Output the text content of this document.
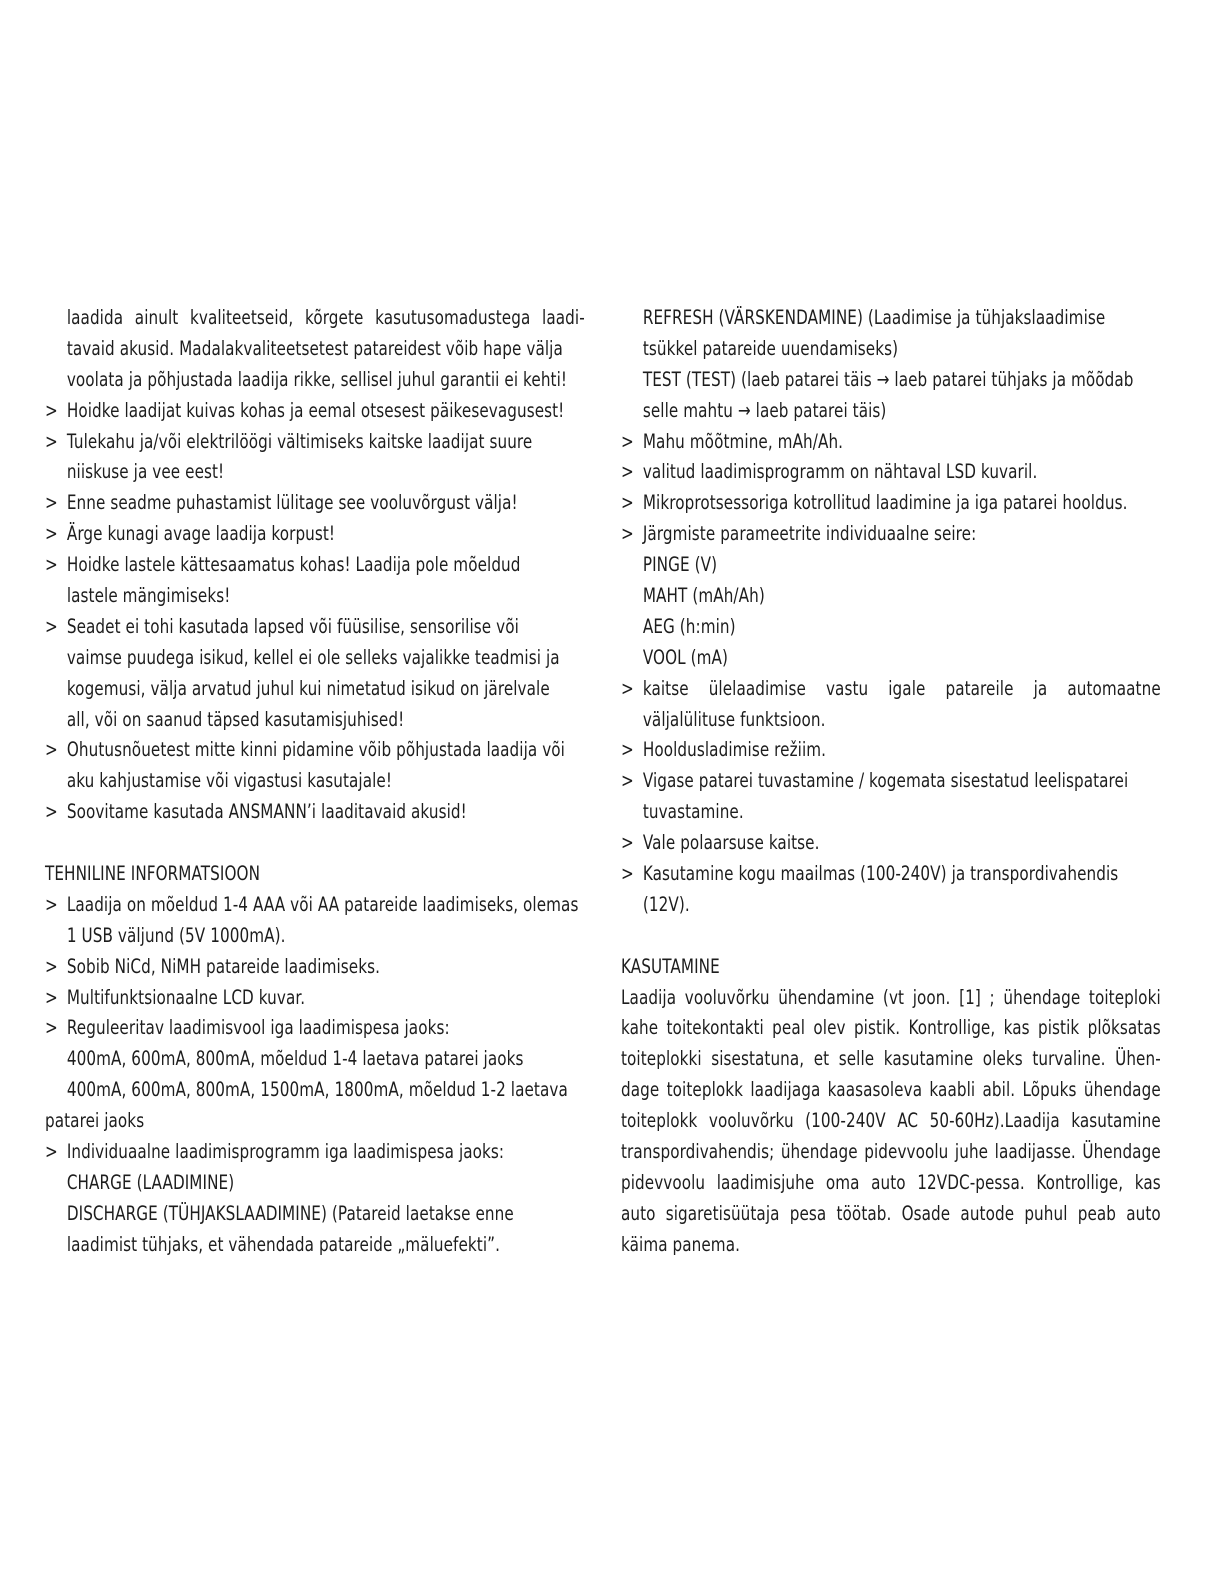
laadida ainult kvaliteetseid, kõrgete kasutusomadustega laadi-
tavaid akusid. Madalakvaliteetsetest patareidest võib hape välja
voolata ja põhjustada laadija rikke, sellisel juhul garantii ei kehti!
> Hoidke laadijat kuivas kohas ja eemal otsesest päikesevagusest!
> Tulekahu ja/või elektrilöögi vältimiseks kaitske laadijat suure
niiskuse ja vee eest!
> Enne seadme puhastamist lülitage see vooluvõrgust välja!
> Ärge kunagi avage laadija korpust!
> Hoidke lastele kättesaamatus kohas! Laadija pole mõeldud
lastele mängimiseks!
> Seadet ei tohi kasutada lapsed või füüsilise, sensorilise või
vaimse puudega isikud, kellel ei ole selleks vajalikke teadmisi ja
kogemusi, välja arvatud juhul kui nimetatud isikud on järelvale
all, või on saanud täpsed kasutamisjuhised!
> Ohutusnõuetest mitte kinni pidamine võib põhjustada laadija või
aku kahjustamise või vigastusi kasutajale!
> Soovitame kasutada ANSMANN’i laaditavaid akusid!
TEHNILINE INFORMATSIOON
> Laadija on mõeldud 1-4 AAA või AA patareide laadimiseks, olemas
1 USB väljund (5V 1000mA).
> Sobib NiCd, NiMH patareide laadimiseks.
> Multifunktsionaalne LCD kuvar.
> Reguleeritav laadimisvool iga laadimispesa jaoks:
400mA, 600mA, 800mA, mõeldud 1-4 laetava patarei jaoks
400mA, 600mA, 800mA, 1500mA, 1800mA, mõeldud 1-2 laetava
patarei jaoks
> Individuaalne laadimisprogramm iga laadimispesa jaoks:
CHARGE (LAADIMINE)
DISCHARGE (TÜHJAKSLAADIMINE) (Patareid laetakse enne
laadimist tühjaks, et vähendada patareide „mäluefekti”.
REFRESH (VÄRSKENDAMINE) (Laadimise ja tühjakslaadimise
tsükkel patareide uuendamiseks)
TEST (TEST) (laeb patarei täis → laeb patarei tühjaks ja mõõdab
selle mahtu → laeb patarei täis)
> Mahu mõõtmine, mAh/Ah.
> valitud laadimisprogramm on nähtaval LSD kuvaril.
> Mikroprotsessoriga kotrollitud laadimine ja iga patarei hooldus.
> Järgmiste parameetrite individuaalne seire:
PINGE (V)
MAHT (mAh/Ah)
AEG (h:min)
VOOL (mA)
> kaitse ülelaadimise vastu igale patareile ja automaatne
väljalülituse funktsioon.
> Hooldusladimise režiim.
> Vigase patarei tuvastamine / kogemata sisestatud leelispatarei
tuvastamine.
> Vale polaarsuse kaitse.
> Kasutamine kogu maailmas (100-240V) ja transpordivahendis
(12V).
KASUTAMINE
Laadija vooluvõrku ühendamine (vt joon. [1] ; ühendage toiteploki
kahe toitekontakti peal olev pistik. Kontrollige, kas pistik plõksatas
toiteplokki sisestatuna, et selle kasutamine oleks turvaline. Ühen-
dage toiteplokk laadijaga kaasasoleva kaabli abil. Lõpuks ühendage
toiteplokk vooluvõrku (100-240V AC 50-60Hz).Laadija kasutamine
transpordivahendis; ühendage pidevvoolu juhe laadijasse. Ühendage
pidevvoolu laadimisjuhe oma auto 12VDC-pessa. Kontrollige, kas
auto sigaretisüütaja pesa töötab. Osade autode puhul peab auto
käima panema.
